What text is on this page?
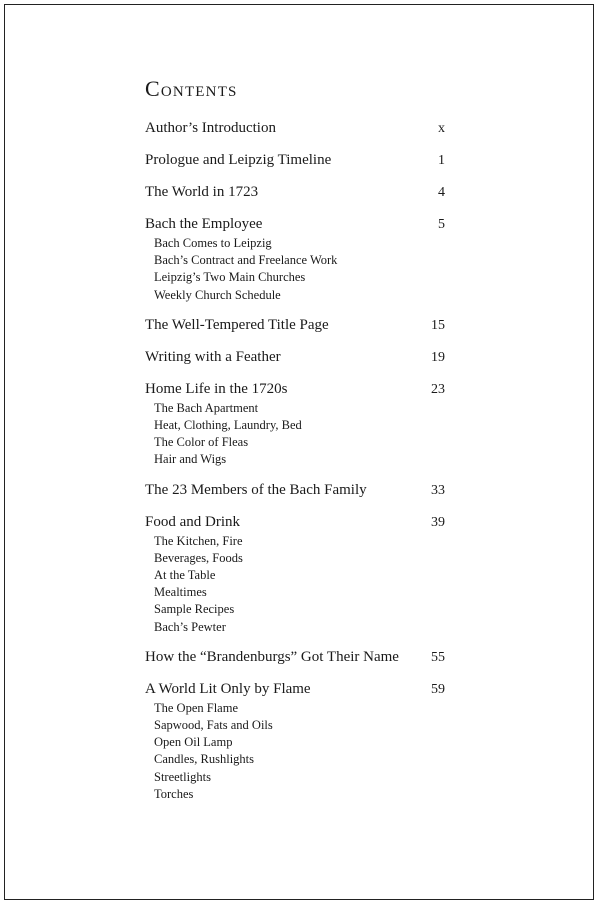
Contents
Author’s Introduction	x
Prologue and Leipzig Timeline	1
The World in 1723	4
Bach the Employee	5
Bach Comes to Leipzig
Bach’s Contract and Freelance Work
Leipzig’s Two Main Churches
Weekly Church Schedule
The Well-Tempered Title Page	15
Writing with a Feather	19
Home Life in the 1720s	23
The Bach Apartment
Heat, Clothing, Laundry, Bed
The Color of Fleas
Hair and Wigs
The 23 Members of the Bach Family	33
Food and Drink	39
The Kitchen, Fire
Beverages, Foods
At the Table
Mealtimes
Sample Recipes
Bach’s Pewter
How the “Brandenburgs” Got Their Name 55
A World Lit Only by Flame	59
The Open Flame
Sapwood, Fats and Oils
Open Oil Lamp
Candles, Rushlights
Streetlights
Torches
